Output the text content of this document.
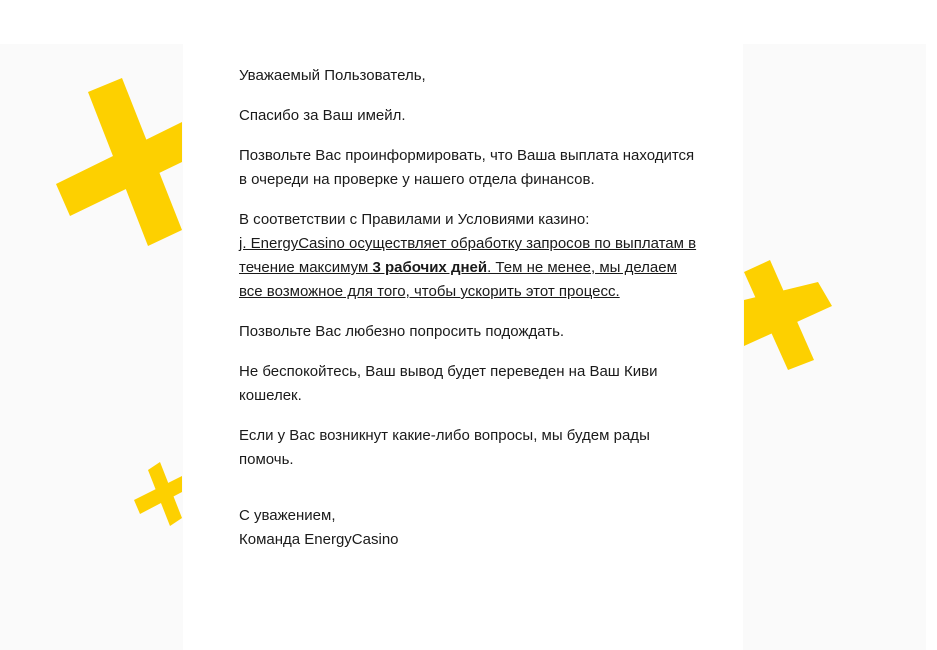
Уважаемый Пользователь,

Спасибо за Ваш имейл.

Позвольте Вас проинформировать, что Ваша выплата находится в очереди на проверке у нашего отдела финансов.

В соответствии с Правилами и Условиями казино:
j. EnergyCasino осуществляет обработку запросов по выплатам в течение максимум 3 рабочих дней. Тем не менее, мы делаем все возможное для того, чтобы ускорить этот процесс.

Позвольте Вас любезно попросить подождать.

Не беспокойтесь, Ваш вывод будет переведен на Ваш Киви кошелек.

Если у Вас возникнут какие-либо вопросы, мы будем рады помочь.

С уважением,
Команда EnergyCasino
